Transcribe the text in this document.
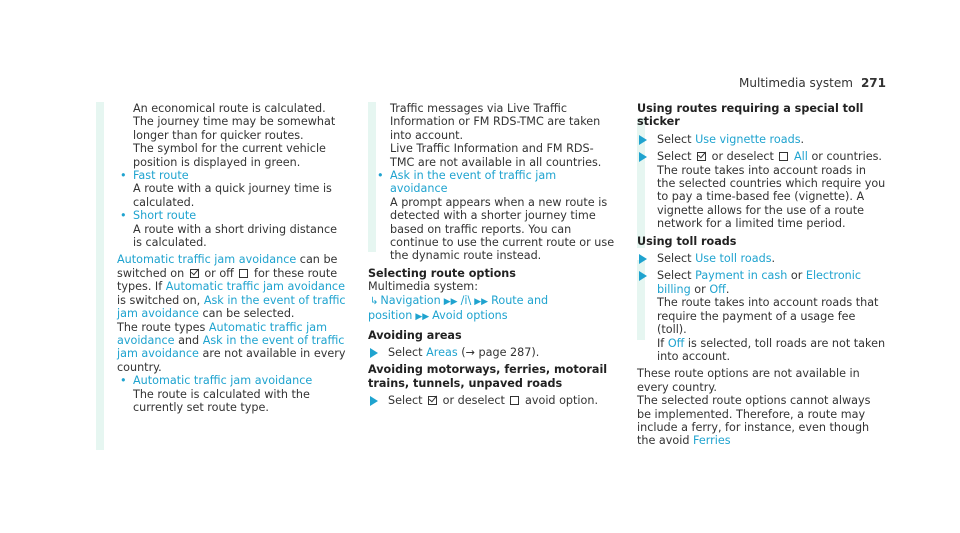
Multimedia system 271

An economical route is calculated. The journey time may be somewhat longer than for quicker routes.

The symbol for the current vehicle position is displayed in green.

• Fast route

A route with a quick journey time is calculated.

• Short route

A route with a short driving distance is calculated.

Automatic traffic jam avoidance can be switched on or off for these route types. If Automatic traffic jam avoidance is switched on, Ask in the event of traffic jam avoidance can be selected.

The route types Automatic traffic jam avoidance and Ask in the event of traffic jam avoidance are not available in every country.

• Automatic traffic jam avoidance

The route is calculated with the currently set route type.

Traffic messages via Live Traffic Information or FM RDS-TMC are taken into account.

Live Traffic Information and FM RDS-TMC are not available in all countries.

• Ask in the event of traffic jam avoidance

A prompt appears when a new route is detected with a shorter journey time based on traffic reports. You can continue to use the current route or use the dynamic route instead.

Selecting route options

Multimedia system:

↳ Navigation ▶▶ /i\ ▶▶ Route and position ▶▶ Avoid options

Avoiding areas

Select Areas (→ page 287).

Avoiding motorways, ferries, motorail trains, tunnels, unpaved roads

Select or deselect avoid option.

Using routes requiring a special toll sticker

Select Use vignette roads.
Select or deselect All or countries.

The route takes into account roads in the selected countries which require you to pay a time-based fee (vignette). A vignette allows for the use of a route network for a limited time period.

Using toll roads

Select Use toll roads.
Select Payment in cash or Electronic billing or Off.

The route takes into account roads that require the payment of a usage fee (toll).

If Off is selected, toll roads are not taken into account.

These route options are not available in every country.

The selected route options cannot always be implemented. Therefore, a route may include a ferry, for instance, even though the avoid Ferries
